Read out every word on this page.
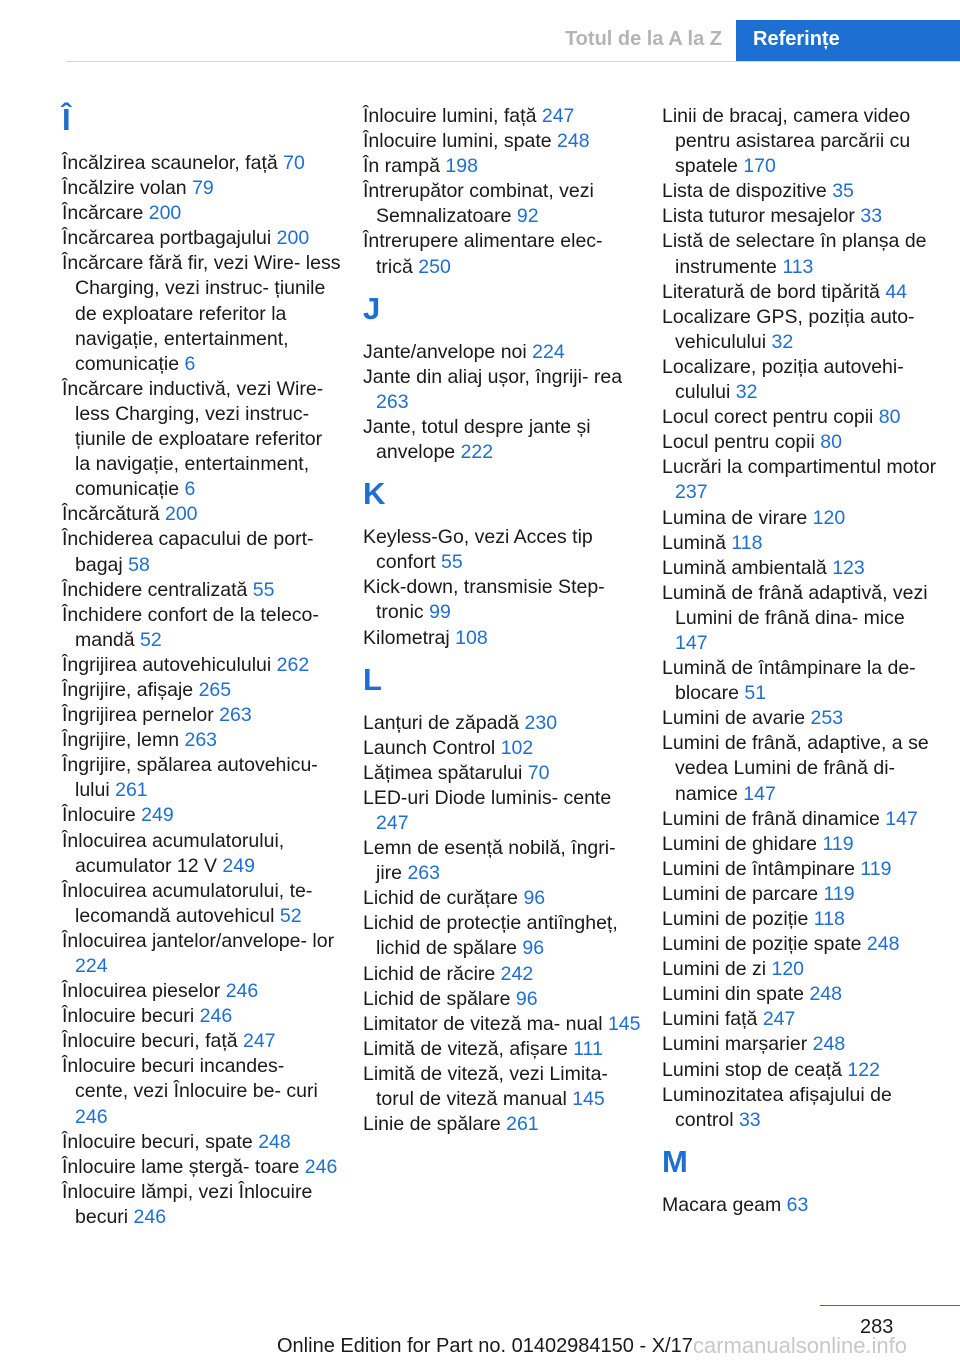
Totul de la A la Z	Referințe
Î
Încălzirea scaunelor, față 70
Încălzire volan 79
Încărcare 200
Încărcarea portbagajului 200
Încărcare fără fir, vezi Wire‐ less Charging, vezi instruc‐ țiunile de exploatare referitor la navigație, entertainment, comunicație 6
Încărcare inductivă, vezi Wire‐ less Charging, vezi instruc‐ țiunile de exploatare referitor la navigație, entertainment, comunicație 6
Încărcătură 200
Închiderea capacului de port‐ bagaj 58
Închidere centralizată 55
Închidere confort de la teleco‐ mandă 52
Îngrijirea autovehiculului 262
Îngrijire, afișaje 265
Îngrijirea pernelor 263
Îngrijire, lemn 263
Îngrijire, spălarea autovehicu‐ lului 261
Înlocuire 249
Înlocuirea acumulatorului, acumulator 12 V 249
Înlocuirea acumulatorului, te‐ lecomandă autovehicul 52
Înlocuirea jantelor/anvelope‐ lor 224
Înlocuirea pieselor 246
Înlocuire becuri 246
Înlocuire becuri, față 247
Înlocuire becuri incandes‐ cente, vezi Înlocuire be‐ curi 246
Înlocuire becuri, spate 248
Înlocuire lame ștergă‐ toare 246
Înlocuire lămpi, vezi Înlocuire becuri 246
Înlocuire lumini, față 247
Înlocuire lumini, spate 248
În rampă 198
Întrerupător combinat, vezi Semnalizatoare 92
Întrerupere alimentare elec‐ trică 250
J
Jante/anvelope noi 224
Jante din aliaj ușor, îngriji‐ rea 263
Jante, totul despre jante și anvelope 222
K
Keyless-Go, vezi Acces tip confort 55
Kick-down, transmisie Step‐ tronic 99
Kilometraj 108
L
Lanțuri de zăpadă 230
Launch Control 102
Lățimea spătarului 70
LED-uri Diode luminis‐ cente 247
Lemn de esență nobilă, îngri‐ jire 263
Lichid de curățare 96
Lichid de protecție antiîngheț, lichid de spălare 96
Lichid de răcire 242
Lichid de spălare 96
Limitator de viteză ma‐ nual 145
Limită de viteză, afișare 111
Limită de viteză, vezi Limita‐ torul de viteză manual 145
Linie de spălare 261
Linii de bracaj, camera video pentru asistarea parcării cu spatele 170
Lista de dispozitive 35
Lista tuturor mesajelor 33
Listă de selectare în planșa de instrumente 113
Literatură de bord tipărită 44
Localizare GPS, poziția auto‐ vehiculului 32
Localizare, poziția autovehi‐ culului 32
Locul corect pentru copii 80
Locul pentru copii 80
Lucrări la compartimentul motor 237
Lumina de virare 120
Lumină 118
Lumină ambientală 123
Lumină de frână adaptivă, vezi Lumini de frână dina‐ mice 147
Lumină de întâmpinare la de‐ blocare 51
Lumini de avarie 253
Lumini de frână, adaptive, a se vedea Lumini de frână di‐ namice 147
Lumini de frână dinamice 147
Lumini de ghidare 119
Lumini de întâmpinare 119
Lumini de parcare 119
Lumini de poziție 118
Lumini de poziție spate 248
Lumini de zi 120
Lumini din spate 248
Lumini față 247
Lumini marșarier 248
Lumini stop de ceață 122
Luminozitatea afișajului de control 33
M
Macara geam 63
283
Online Edition for Part no. 01402984150 - X/17 carmanualsonline.info
